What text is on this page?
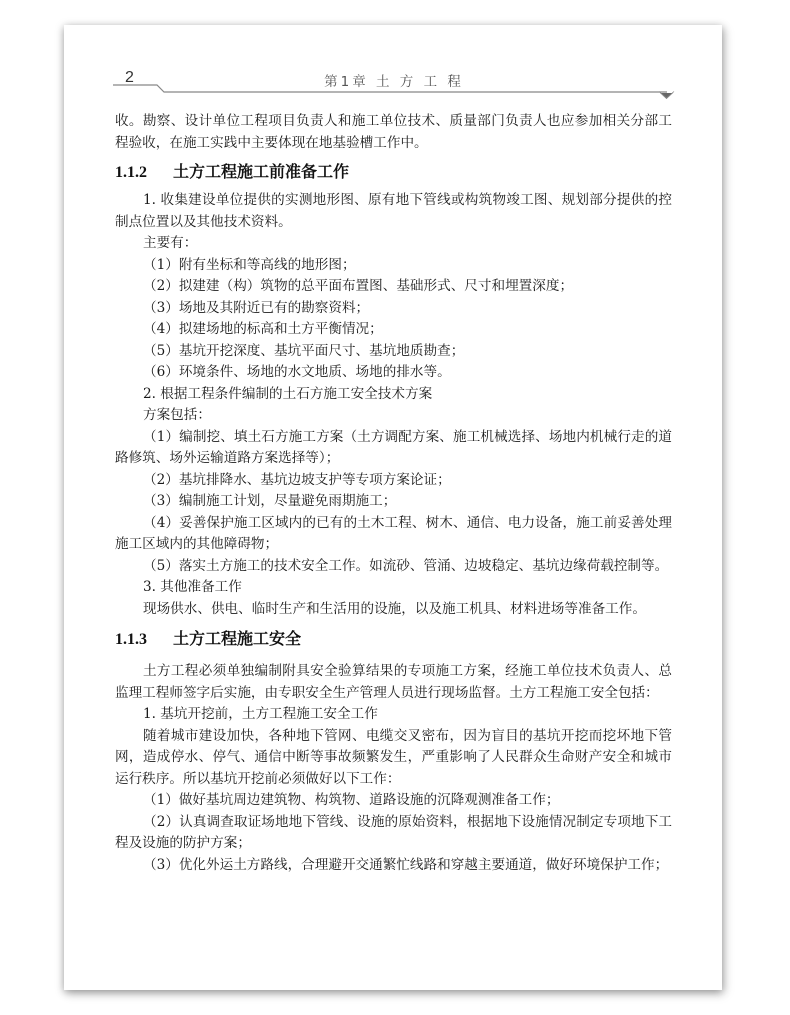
2	第1章 土 方 工 程

收。勘察、设计单位工程项目负责人和施工单位技术、质量部门负责人也应参加相关分部工程验收，在施工实践中主要体现在地基验槽工作中。

1.1.2 土方工程施工前准备工作

1. 收集建设单位提供的实测地形图、原有地下管线或构筑物竣工图、规划部分提供的控制点位置以及其他技术资料。

主要有：

（1）附有坐标和等高线的地形图；

（2）拟建建（构）筑物的总平面布置图、基础形式、尺寸和埋置深度；

（3）场地及其附近已有的勘察资料；

（4）拟建场地的标高和土方平衡情况；

（5）基坑开挖深度、基坑平面尺寸、基坑地质勘查；

（6）环境条件、场地的水文地质、场地的排水等。

2. 根据工程条件编制的土石方施工安全技术方案

方案包括：

（1）编制挖、填土石方施工方案（土方调配方案、施工机械选择、场地内机械行走的道路修筑、场外运输道路方案选择等）；

（2）基坑排降水、基坑边坡支护等专项方案论证；

（3）编制施工计划，尽量避免雨期施工；

（4）妥善保护施工区域内的已有的土木工程、树木、通信、电力设备，施工前妥善处理施工区域内的其他障碍物；

（5）落实土方施工的技术安全工作。如流砂、管涌、边坡稳定、基坑边缘荷载控制等。

3. 其他准备工作

现场供水、供电、临时生产和生活用的设施，以及施工机具、材料进场等准备工作。

1.1.3 土方工程施工安全

土方工程必须单独编制附具安全验算结果的专项施工方案，经施工单位技术负责人、总监理工程师签字后实施，由专职安全生产管理人员进行现场监督。土方工程施工安全包括：

1. 基坑开挖前，土方工程施工安全工作

随着城市建设加快，各种地下管网、电缆交叉密布，因为盲目的基坑开挖而挖坏地下管网，造成停水、停气、通信中断等事故频繁发生，严重影响了人民群众生命财产安全和城市运行秩序。所以基坑开挖前必须做好以下工作：

（1）做好基坑周边建筑物、构筑物、道路设施的沉降观测准备工作；

（2）认真调查取证场地地下管线、设施的原始资料，根据地下设施情况制定专项地下工程及设施的防护方案；

（3）优化外运土方路线，合理避开交通繁忙线路和穿越主要通道，做好环境保护工作；
